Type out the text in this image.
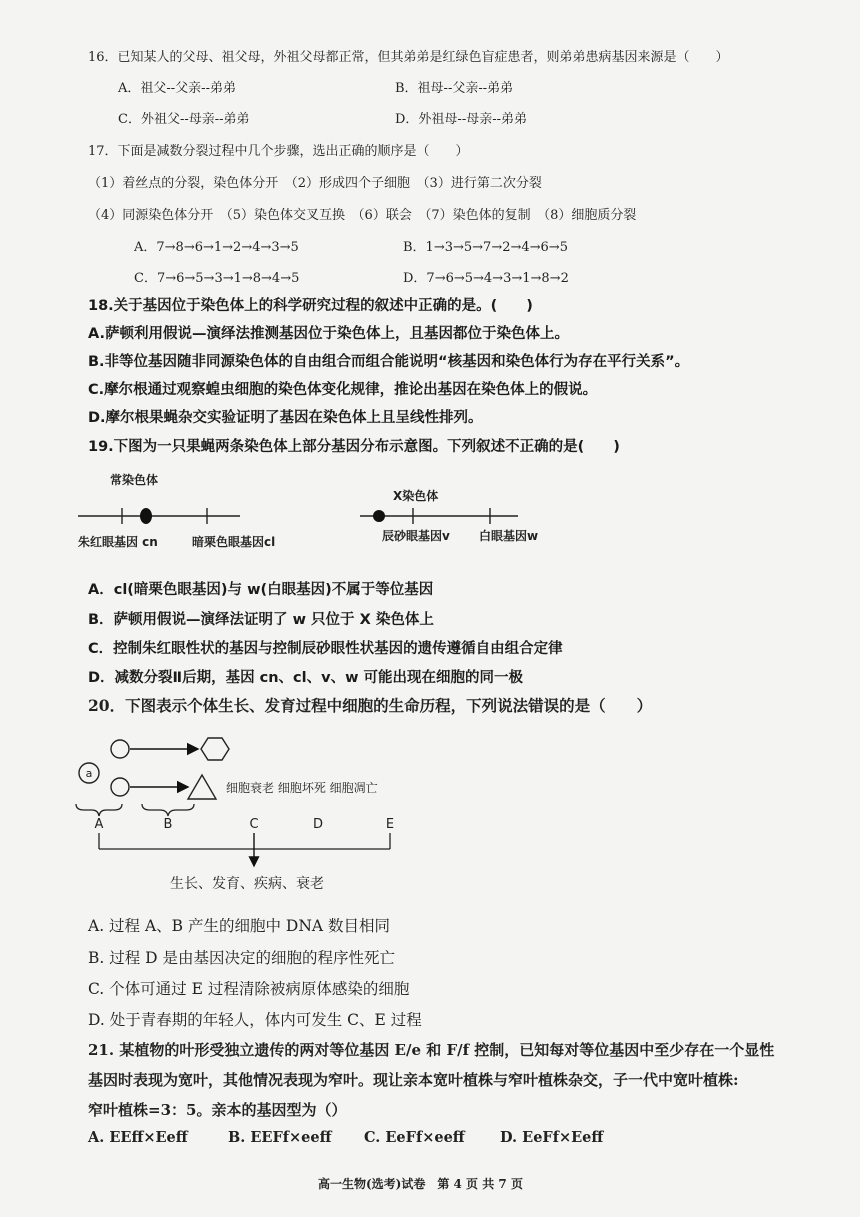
16．已知某人的父母、祖父母，外祖父母都正常，但其弟弟是红绿色盲症患者，则弟弟患病基因来源是（　　）
A．祖父--父亲--弟弟	B．祖母--父亲--弟弟
C．外祖父--母亲--弟弟	D．外祖母--母亲--弟弟
17．下面是减数分裂过程中几个步骤，选出正确的顺序是（　　）
（1）着丝点的分裂，染色体分开　（2）形成四个子细胞　（3）进行第二次分裂
（4）同源染色体分开　（5）染色体交叉互换　（6）联会　（7）染色体的复制　（8）细胞质分裂
A．7→8→6→1→2→4→3→5	B．1→3→5→7→2→4→6→5
C．7→6→5→3→1→8→4→5	D．7→6→5→4→3→1→8→2
18.关于基因位于染色体上的科学研究过程的叙述中正确的是。(　　)
A.萨顿利用假说—演绎法推测基因位于染色体上，且基因都位于染色体上。
B.非等位基因随非同源染色体的自由组合而组合能说明“核基因和染色体行为存在平行关系”。
C.摩尔根通过观察蝗虫细胞的染色体变化规律，推论出基因在染色体上的假说。
D.摩尔根果蝇杂交实验证明了基因在染色体上且呈线性排列。
19.下图为一只果蝇两条染色体上部分基因分布示意图。下列叙述不正确的是(　　)
常染色体
朱红眼基因 cn	暗栗色眼基因cl
X染色体
辰砂眼基因v 白眼基因w
A．cl(暗栗色眼基因)与 w(白眼基因)不属于等位基因
B．萨顿用假说—演绎法证明了 w 只位于 X 染色体上
C．控制朱红眼性状的基因与控制辰砂眼性状基因的遗传遵循自由组合定律
D．减数分裂Ⅱ后期，基因 cn、cl、v、w 可能出现在细胞的同一极
20．下图表示个体生长、发育过程中细胞的生命历程，下列说法错误的是（　　）
a
细胞衰老 细胞坏死 细胞凋亡
A	B	C	D	E
生长、发育、疾病、衰老
A. 过程 A、B 产生的细胞中 DNA 数目相同
B. 过程 D 是由基因决定的细胞的程序性死亡
C. 个体可通过 E 过程清除被病原体感染的细胞
D. 处于青春期的年轻人，体内可发生 C、E 过程
21. 某植物的叶形受独立遗传的两对等位基因 E/e 和 F/f 控制，已知每对等位基因中至少存在一个显性
基因时表现为宽叶，其他情况表现为窄叶。现让亲本宽叶植株与窄叶植株杂交，子一代中宽叶植株:
窄叶植株=3：5。亲本的基因型为（）
A. EEff×Eeff	B. EEFf×eeff C. EeFf×eeff D. EeFf×Eeff
高一生物(选考)试卷　第 4 页 共 7 页
